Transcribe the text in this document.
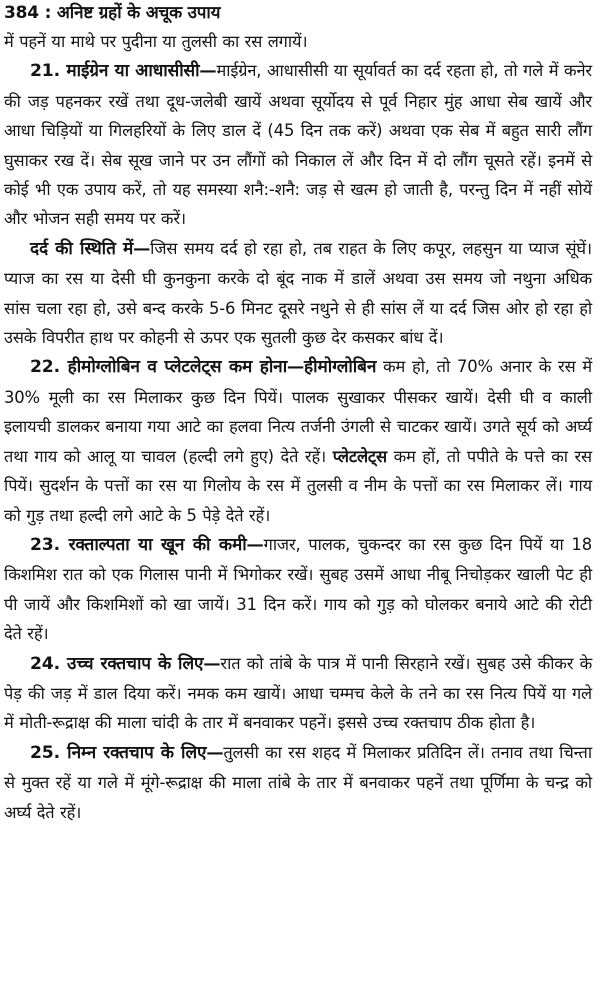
384 : अनिष्ट ग्रहों के अचूक उपाय

में पहनें या माथे पर पुदीना या तुलसी का रस लगायें।

21. माईग्रेन या आधासीसी—माईग्रेन, आधासीसी या सूर्यावर्त का दर्द रहता हो, तो गले में कनेर की जड़ पहनकर रखें तथा दूध-जलेबी खायें अथवा सूर्योदय से पूर्व निहार मुंह आधा सेब खायें और आधा चिड़ियों या गिलहरियों के लिए डाल दें (45 दिन तक करें) अथवा एक सेब में बहुत सारी लौंग घुसाकर रख दें। सेब सूख जाने पर उन लौंगों को निकाल लें और दिन में दो लौंग चूसते रहें। इनमें से कोई भी एक उपाय करें, तो यह समस्या शनै:-शनै: जड़ से खत्म हो जाती है, परन्तु दिन में नहीं सोयें और भोजन सही समय पर करें।

दर्द की स्थिति में—जिस समय दर्द हो रहा हो, तब राहत के लिए कपूर, लहसुन या प्याज सूंघें। प्याज का रस या देसी घी कुनकुना करके दो बूंद नाक में डालें अथवा उस समय जो नथुना अधिक सांस चला रहा हो, उसे बन्द करके 5-6 मिनट दूसरे नथुने से ही सांस लें या दर्द जिस ओर हो रहा हो उसके विपरीत हाथ पर कोहनी से ऊपर एक सुतली कुछ देर कसकर बांध दें।

22. हीमोग्लोबिन व प्लेटलेट्स कम होना—हीमोग्लोबिन कम हो, तो 70% अनार के रस में 30% मूली का रस मिलाकर कुछ दिन पियें। पालक सुखाकर पीसकर खायें। देसी घी व काली इलायची डालकर बनाया गया आटे का हलवा नित्य तर्जनी उंगली से चाटकर खायें। उगते सूर्य को अर्घ्य तथा गाय को आलू या चावल (हल्दी लगे हुए) देते रहें। प्लेटलेट्स कम हों, तो पपीते के पत्ते का रस पियें। सुदर्शन के पत्तों का रस या गिलोय के रस में तुलसी व नीम के पत्तों का रस मिलाकर लें। गाय को गुड़ तथा हल्दी लगे आटे के 5 पेड़े देते रहें।

23. रक्ताल्पता या खून की कमी—गाजर, पालक, चुकन्दर का रस कुछ दिन पियें या 18 किशमिश रात को एक गिलास पानी में भिगोकर रखें। सुबह उसमें आधा नीबू निचोड़कर खाली पेट ही पी जायें और किशमिशों को खा जायें। 31 दिन करें। गाय को गुड़ को घोलकर बनाये आटे की रोटी देते रहें।

24. उच्च रक्तचाप के लिए—रात को तांबे के पात्र में पानी सिरहाने रखें। सुबह उसे कीकर के पेड़ की जड़ में डाल दिया करें। नमक कम खायें। आधा चम्मच केले के तने का रस नित्य पियें या गले में मोती-रूद्राक्ष की माला चांदी के तार में बनवाकर पहनें। इससे उच्च रक्तचाप ठीक होता है।

25. निम्न रक्तचाप के लिए—तुलसी का रस शहद में मिलाकर प्रतिदिन लें। तनाव तथा चिन्ता से मुक्त रहें या गले में मूंगे-रूद्राक्ष की माला तांबे के तार में बनवाकर पहनें तथा पूर्णिमा के चन्द्र को अर्घ्य देते रहें।
